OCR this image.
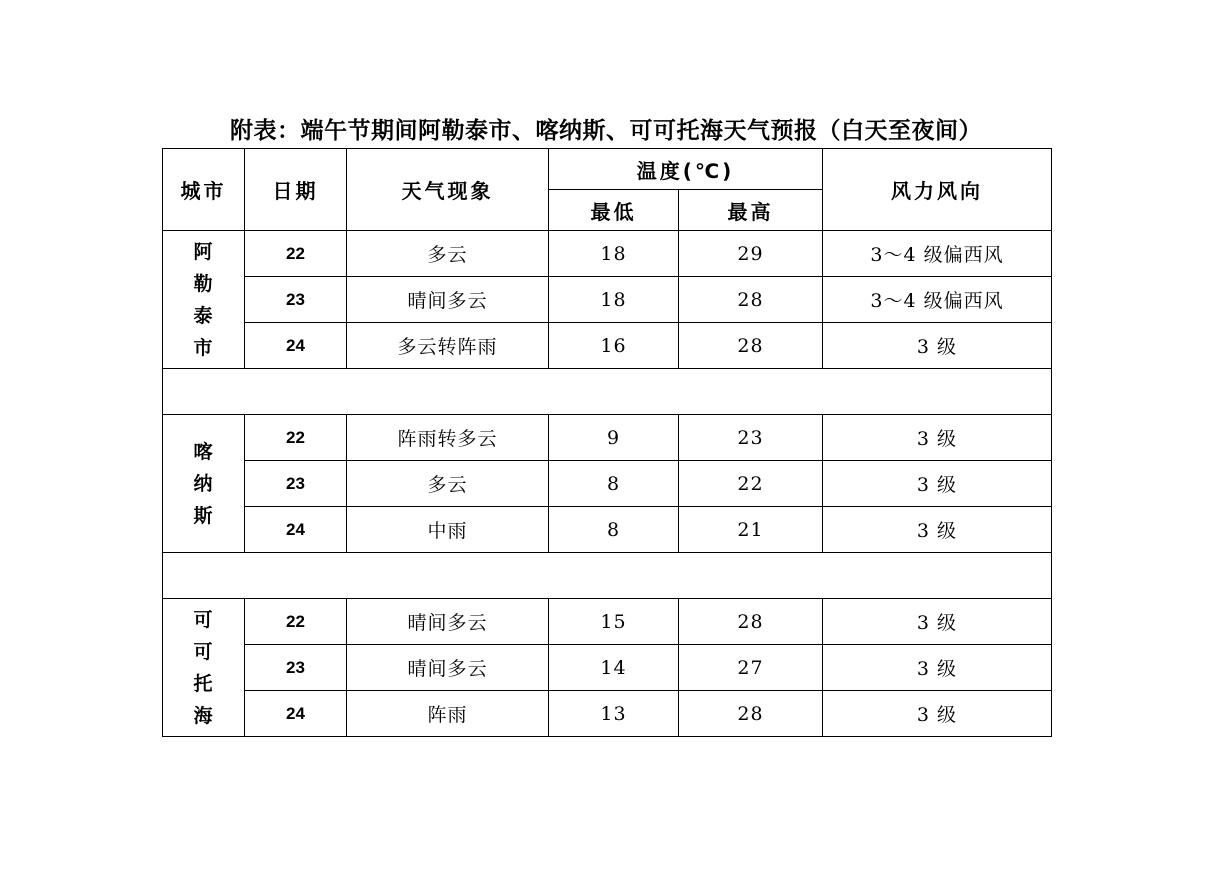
附表：端午节期间阿勒泰市、喀纳斯、可可托海天气预报（白天至夜间）
城市	日期	天气现象	温度(℃)		风力风向
			最低	最高	

阿
勒
泰
市	22	多云	18	29	3～4 级偏西风
	23	晴间多云	18	28	3～4 级偏西风
	24	多云转阵雨	16	28	3 级

喀
纳
斯	22	阵雨转多云	9	23	3 级
	23	多云	8	22	3 级
	24	中雨	8	21	3 级

可
可
托
海	22	晴间多云	15	28	3 级
	23	晴间多云	14	27	3 级
	24	阵雨	13	28	3 级
